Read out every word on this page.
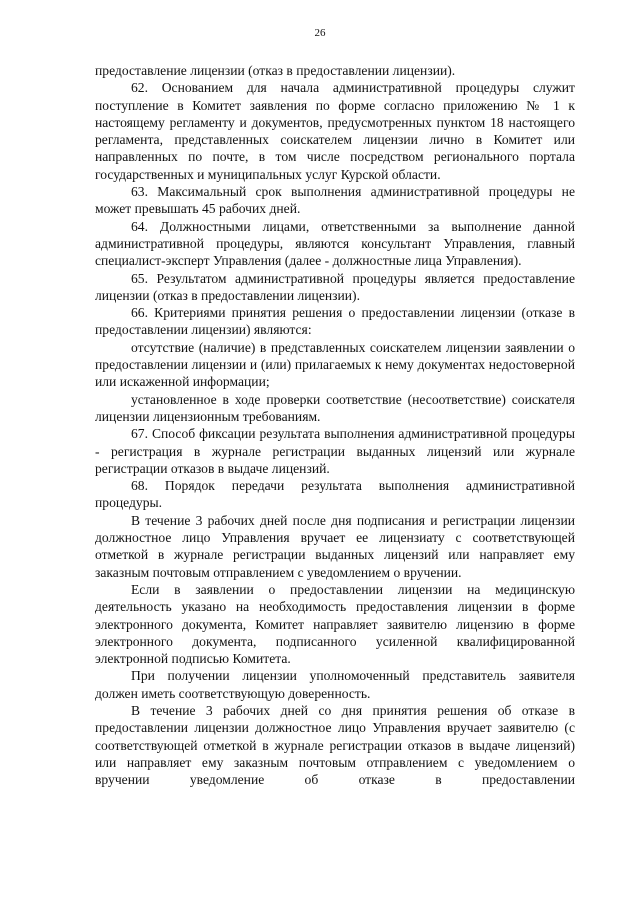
26

предоставление лицензии (отказ в предоставлении лицензии).

62. Основанием для начала административной процедуры служит поступление в Комитет заявления по форме согласно приложению № 1 к настоящему регламенту и документов, предусмотренных пунктом 18 настоящего регламента, представленных соискателем лицензии лично в Комитет или направленных по почте, в том числе посредством регионального портала государственных и муниципальных услуг Курской области.

63. Максимальный срок выполнения административной процедуры не может превышать 45 рабочих дней.

64. Должностными лицами, ответственными за выполнение данной административной процедуры, являются консультант Управления, главный специалист-эксперт Управления (далее - должностные лица Управления).

65. Результатом административной процедуры является предоставление лицензии (отказ в предоставлении лицензии).

66. Критериями принятия решения о предоставлении лицензии (отказе в предоставлении лицензии) являются:

отсутствие (наличие) в представленных соискателем лицензии заявлении о предоставлении лицензии и (или) прилагаемых к нему документах недостоверной или искаженной информации;

установленное в ходе проверки соответствие (несоответствие) соискателя лицензии лицензионным требованиям.

67. Способ фиксации результата выполнения административной процедуры - регистрация в журнале регистрации выданных лицензий или журнале регистрации отказов в выдаче лицензий.

68. Порядок передачи результата выполнения административной процедуры.

В течение 3 рабочих дней после дня подписания и регистрации лицензии должностное лицо Управления вручает ее лицензиату с соответствующей отметкой в журнале регистрации выданных лицензий или направляет ему заказным почтовым отправлением с уведомлением о вручении.

Если в заявлении о предоставлении лицензии на медицинскую деятельность указано на необходимость предоставления лицензии в форме электронного документа, Комитет направляет заявителю лицензию в форме электронного документа, подписанного усиленной квалифицированной электронной подписью Комитета.

При получении лицензии уполномоченный представитель заявителя должен иметь соответствующую доверенность.

В течение 3 рабочих дней со дня принятия решения об отказе в предоставлении лицензии должностное лицо Управления вручает заявителю (с соответствующей отметкой в журнале регистрации отказов в выдаче лицензий) или направляет ему заказным почтовым отправлением с уведомлением о вручении уведомление об отказе в предоставлении
